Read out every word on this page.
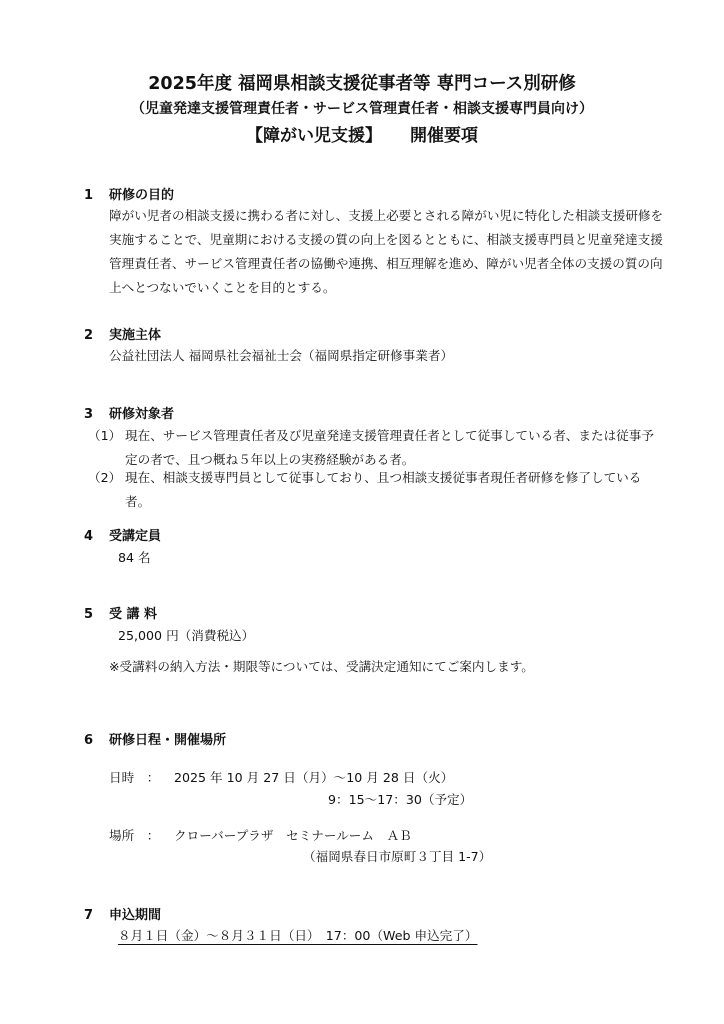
2025年度 福岡県相談支援従事者等 専門コース別研修
（児童発達支援管理責任者・サービス管理責任者・相談支援専門員向け）
【障がい児支援】 開催要項
1 研修の目的
障がい児者の相談支援に携わる者に対し、支援上必要とされる障がい児に特化した相談支援研修を実施することで、児童期における支援の質の向上を図るとともに、相談支援専門員と児童発達支援管理責任者、サービス管理責任者の協働や連携、相互理解を進め、障がい児者全体の支援の質の向上へとつないでいくことを目的とする。
2 実施主体
公益社団法人 福岡県社会福祉士会（福岡県指定研修事業者）
3 研修対象者
（1） 現在、サービス管理責任者及び児童発達支援管理責任者として従事している者、または従事予定の者で、且つ概ね５年以上の実務経験がある者。
（2） 現在、相談支援専門員として従事しており、且つ相談支援従事者現任者研修を修了している者。
4 受講定員
84 名
5 受 講 料
25,000 円（消費税込）
※受講料の納入方法・期限等については、受講決定通知にてご案内します。
6 研修日程・開催場所
日時　： 2025 年 10 月 27 日（月）～10 月 28 日（火）
9：15～17：30（予定）
場所　： クローバープラザ　セミナールーム　ＡＢ
（福岡県春日市原町３丁目 1-7）
7 申込期間
８月１日（金）～８月３１日（日）　17：00（Web 申込完了）
